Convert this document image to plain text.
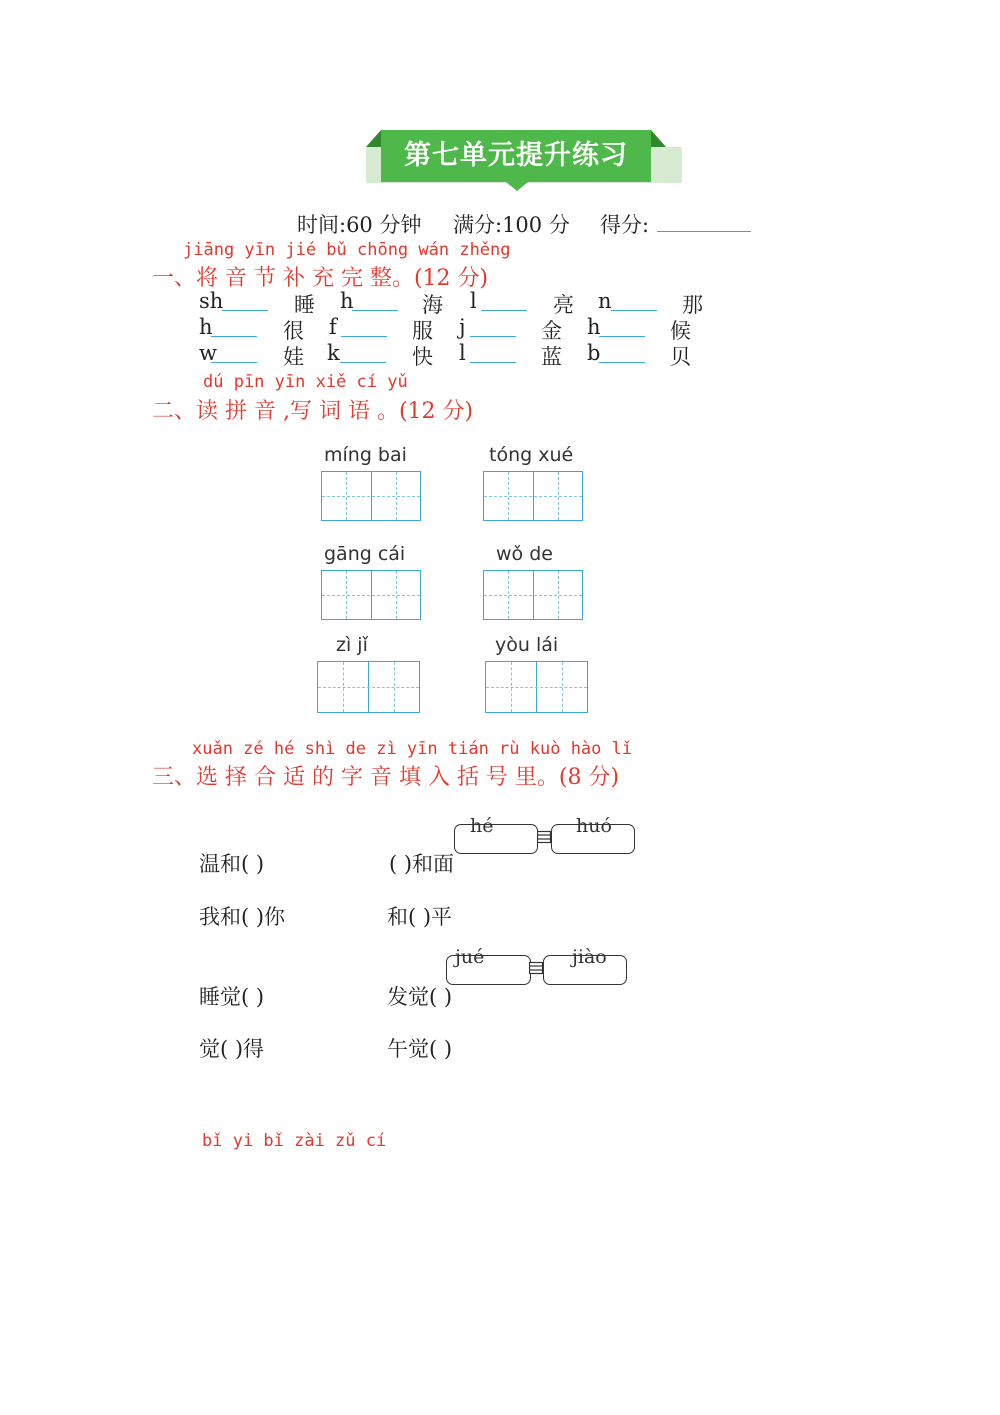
第七单元提升练习
时间:60 分钟 满分:100 分 得分:
jiāng yīn jié bǔ chōng wán zhěng
一、将 音 节 补 充 完 整。(12 分)
sh	睡 h	海 l	亮 n	那
h	很 f	服 j	金 h	候
w	娃 k	快 l	蓝 b	贝
dú pīn yīn xiě cí yǔ
二、读 拼 音 ,写 词 语 。(12 分)
míng bai	tóng xué
gāng cái	wǒ de
zì jǐ	yòu lái
xuǎn zé hé shì de zì yīn tián rù kuò hào lǐ
三、选 择 合 适 的 字 音 填 入 括 号 里。(8 分)
hé	huó
温和( )	( )和面
我和( )你	和( )平
jué	jiào
睡觉( )	发觉( )
觉( )得	午觉( )
bǐ yi bǐ zài zǔ cí
